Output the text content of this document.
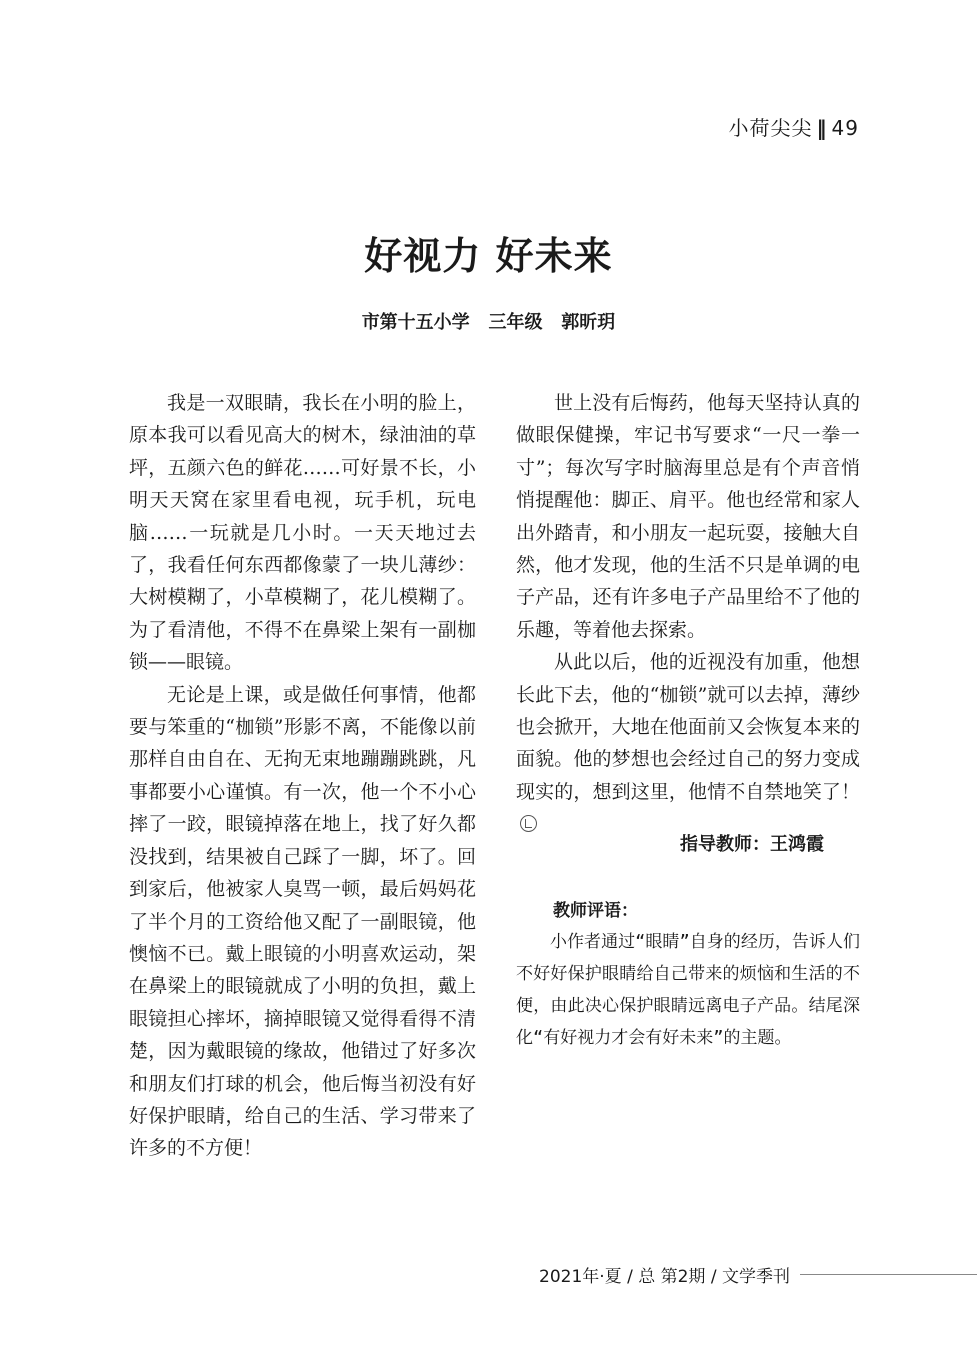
小荷尖尖 ‖ 49
好视力 好未来
市第十五小学   三年级   郭昕玥

我是一双眼睛，我长在小明的脸上，原本我可以看见高大的树木，绿油油的草坪，五颜六色的鲜花……可好景不长，小明天天窝在家里看电视，玩手机，玩电脑……一玩就是几小时。一天天地过去了，我看任何东西都像蒙了一块儿薄纱：大树模糊了，小草模糊了，花儿模糊了。为了看清他，不得不在鼻梁上架有一副枷锁——眼镜。

无论是上课，或是做任何事情，他都要与笨重的“枷锁”形影不离，不能像以前那样自由自在、无拘无束地蹦蹦跳跳，凡事都要小心谨慎。有一次，他一个不小心摔了一跤，眼镜掉落在地上，找了好久都没找到，结果被自己踩了一脚，坏了。回到家后，他被家人臭骂一顿，最后妈妈花了半个月的工资给他又配了一副眼镜，他懊恼不已。戴上眼镜的小明喜欢运动，架在鼻梁上的眼镜就成了小明的负担，戴上眼镜担心摔坏，摘掉眼镜又觉得看得不清楚，因为戴眼镜的缘故，他错过了好多次和朋友们打球的机会，他后悔当初没有好好保护眼睛，给自己的生活、学习带来了许多的不方便！

世上没有后悔药，他每天坚持认真的做眼保健操，牢记书写要求“一尺一拳一寸”；每次写字时脑海里总是有个声音悄悄提醒他：脚正、肩平。他也经常和家人出外踏青，和小朋友一起玩耍，接触大自然，他才发现，他的生活不只是单调的电子产品，还有许多电子产品里给不了他的乐趣，等着他去探索。

从此以后，他的近视没有加重，他想长此下去，他的“枷锁”就可以去掉，薄纱也会掀开，大地在他面前又会恢复本来的面貌。他的梦想也会经过自己的努力变成现实的，想到这里，他情不自禁地笑了！

指导教师：王鸿霞
教师评语：
小作者通过“眼睛”自身的经历，告诉人们不好好保护眼睛给自己带来的烦恼和生活的不便，由此决心保护眼睛远离电子产品。结尾深化“有好视力才会有好未来”的主题。
2021年·夏 / 总 第2期 / 文学季刊
